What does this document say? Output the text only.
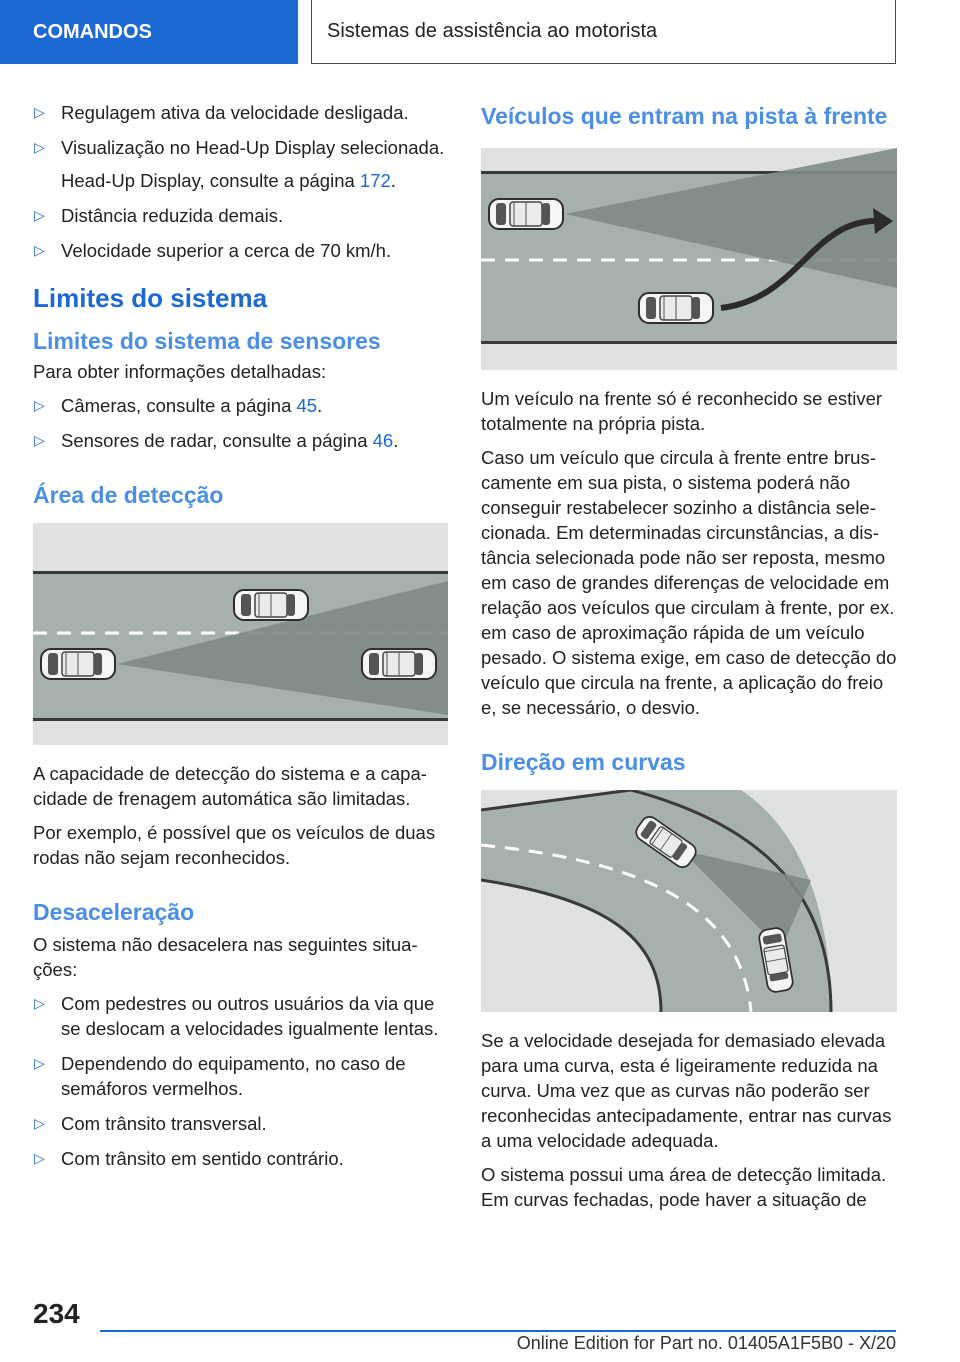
COMANDOS	Sistemas de assistência ao motorista
▷ Regulagem ativa da velocidade desligada.
▷ Visualização no Head-Up Display selecionada.
Head-Up Display, consulte a página 172.
▷ Distância reduzida demais.
▷ Velocidade superior a cerca de 70 km/h.
Limites do sistema
Limites do sistema de sensores

Para obter informações detalhadas:

▷ Câmeras, consulte a página 45.
▷ Sensores de radar, consulte a página 46.
Área de detecção

A capacidade de detecção do sistema e a capacidade de frenagem automática são limitadas.

Por exemplo, é possível que os veículos de duas rodas não sejam reconhecidos.

Desaceleração

O sistema não desacelera nas seguintes situações:

▷ Com pedestres ou outros usuários da via que se deslocam a velocidades igualmente lentas.
▷ Dependendo do equipamento, no caso de semáforos vermelhos.
▷ Com trânsito transversal.
▷ Com trânsito em sentido contrário.
Veículos que entram na pista à frente

Um veículo na frente só é reconhecido se estiver totalmente na própria pista.

Caso um veículo que circula à frente entre bruscamente em sua pista, o sistema poderá não conseguir restabelecer sozinho a distância selecionada. Em determinadas circunstâncias, a distância selecionada pode não ser reposta, mesmo em caso de grandes diferenças de velocidade em relação aos veículos que circulam à frente, por ex. em caso de aproximação rápida de um veículo pesado. O sistema exige, em caso de detecção do veículo que circula na frente, a aplicação do freio e, se necessário, o desvio.

Direção em curvas

Se a velocidade desejada for demasiado elevada para uma curva, esta é ligeiramente reduzida na curva. Uma vez que as curvas não poderão ser reconhecidas antecipadamente, entrar nas curvas a uma velocidade adequada.

O sistema possui uma área de detecção limitada. Em curvas fechadas, pode haver a situação de

234
Online Edition for Part no. 01405A1F5B0 - X/20
